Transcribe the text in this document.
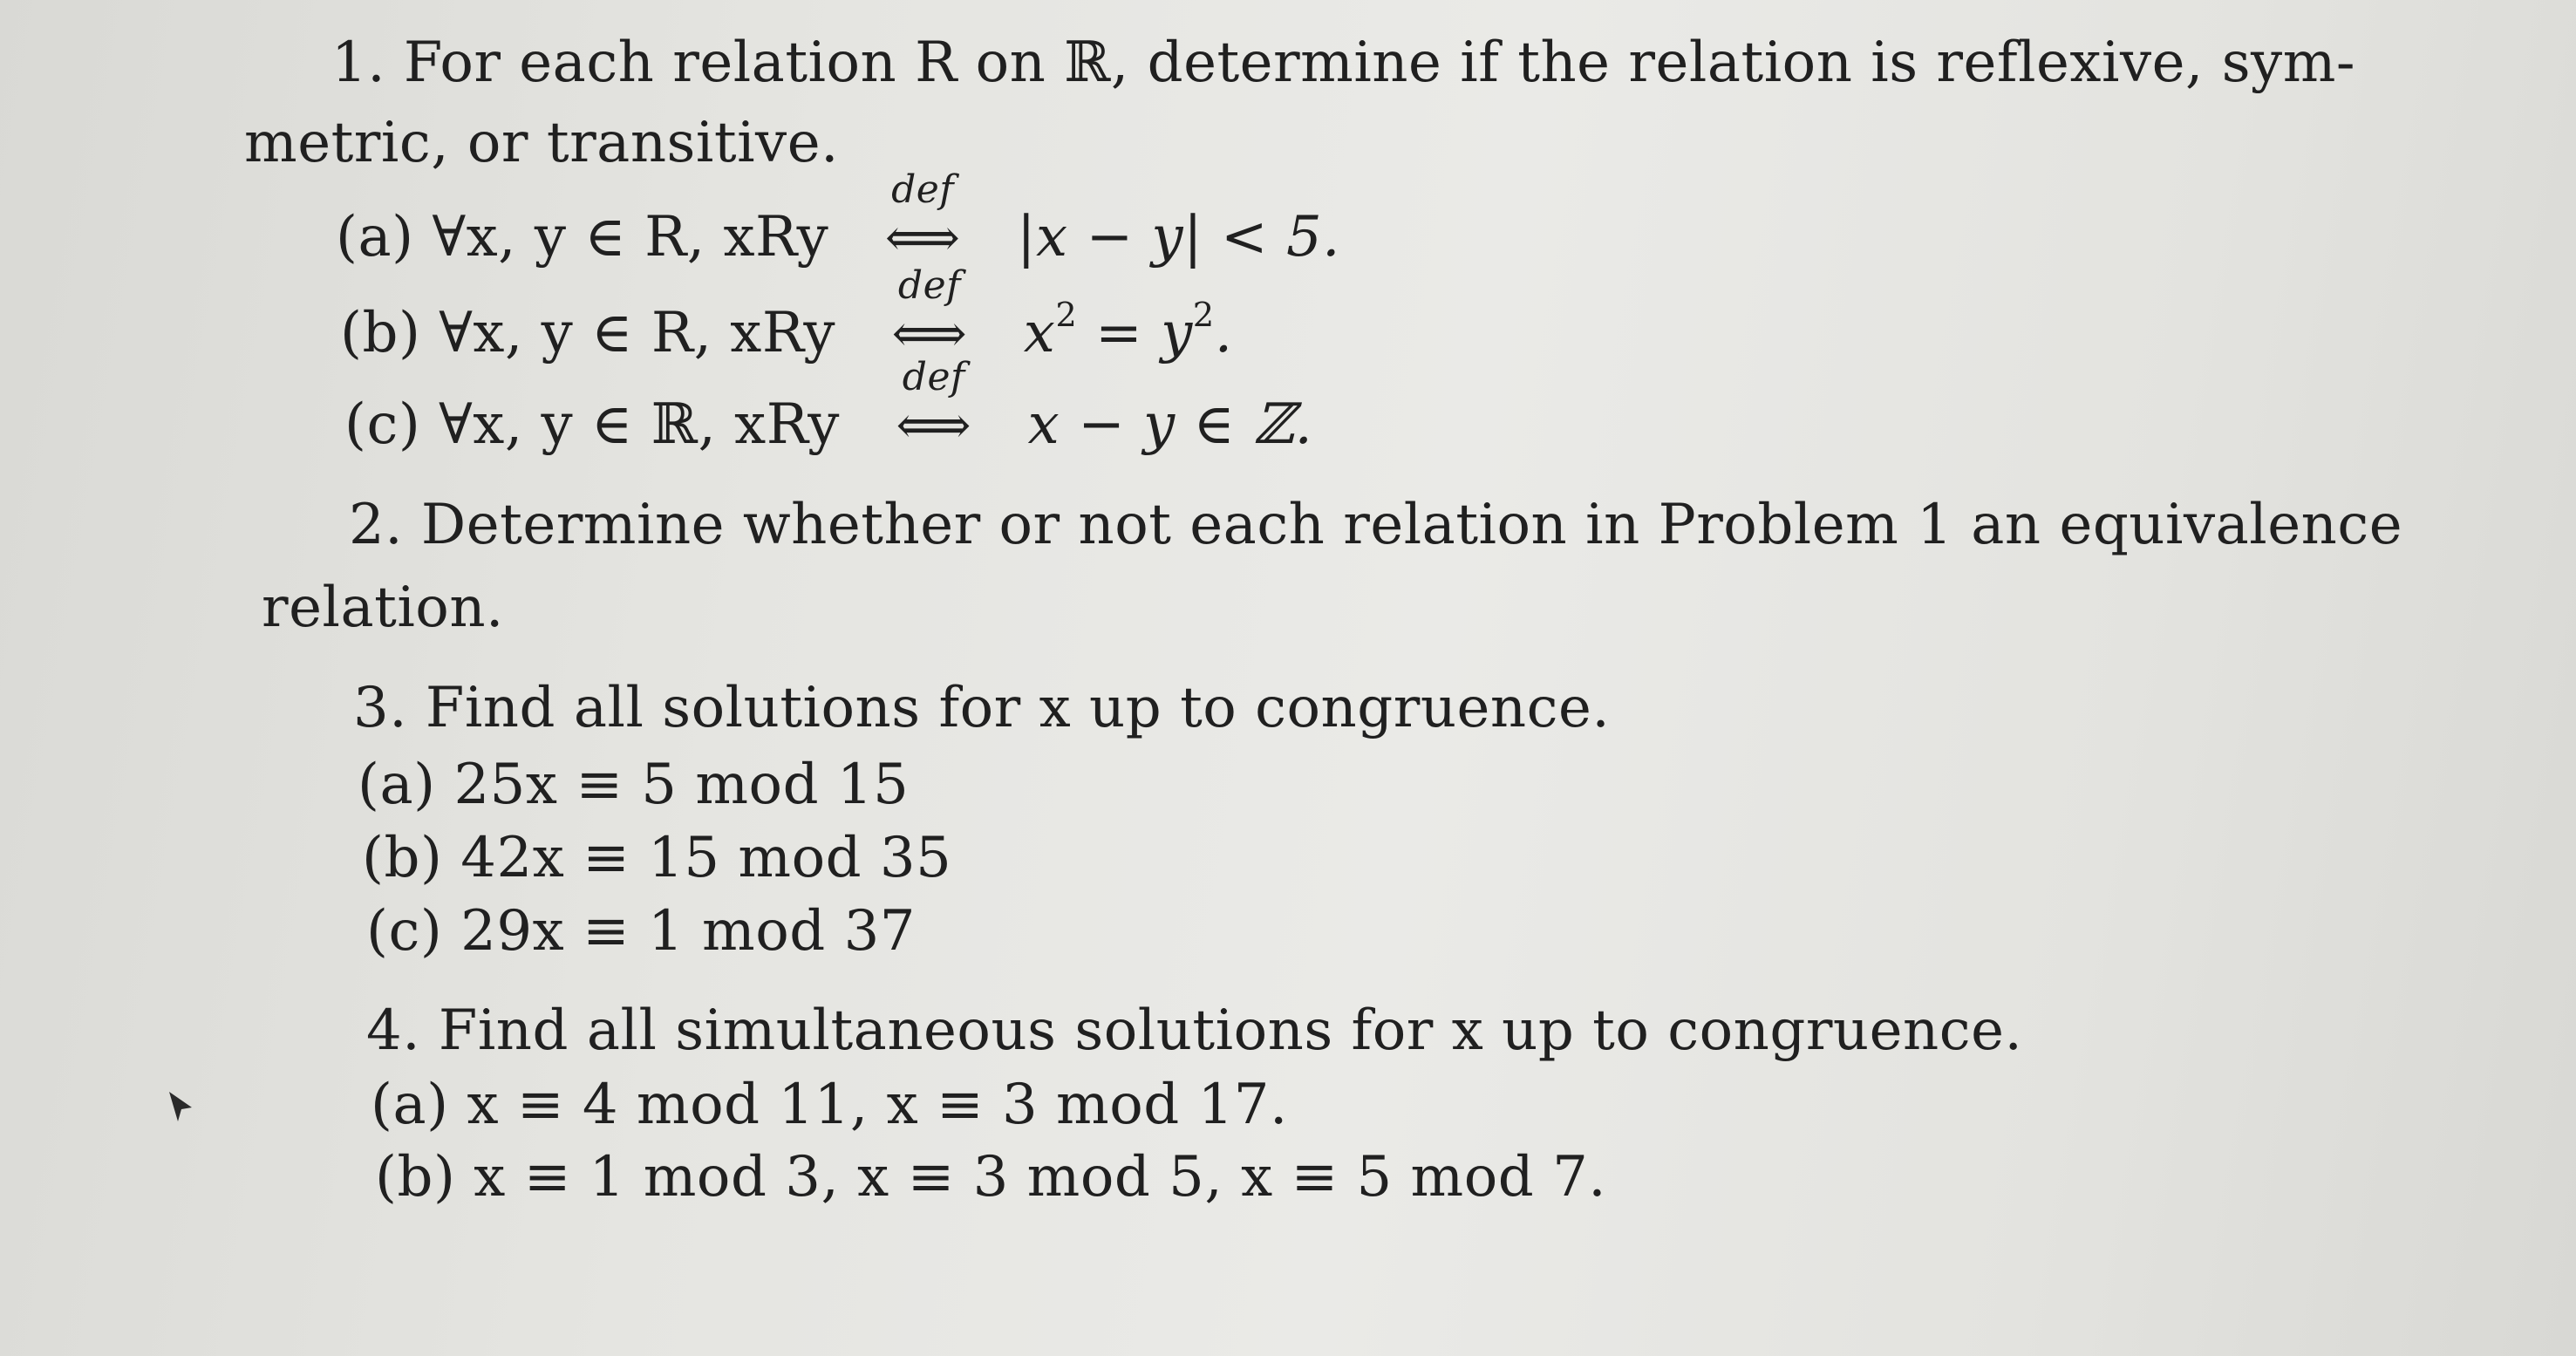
1. For each relation R on ℝ, determine if the relation is reflexive, sym-
metric, or transitive.
(a) ∀x, y ∈ R, xRy
def
⟺ |x − y| < 5.
(b) ∀x, y ∈ R, xRy
def
⟺ $x^2 = y^2$.
(c) ∀x, y ∈ ℝ, xRy
def
⟺ x − y ∈ ℤ.
2. Determine whether or not each relation in Problem 1 an equivalence
relation.
3. Find all solutions for x up to congruence.
(a) 25x ≡ 5 mod 15
(b) 42x ≡ 15 mod 35
(c) 29x ≡ 1 mod 37
4. Find all simultaneous solutions for x up to congruence.
(a) x ≡ 4 mod 11, x ≡ 3 mod 17.
(b) x ≡ 1 mod 3, x ≡ 3 mod 5, x ≡ 5 mod 7.
